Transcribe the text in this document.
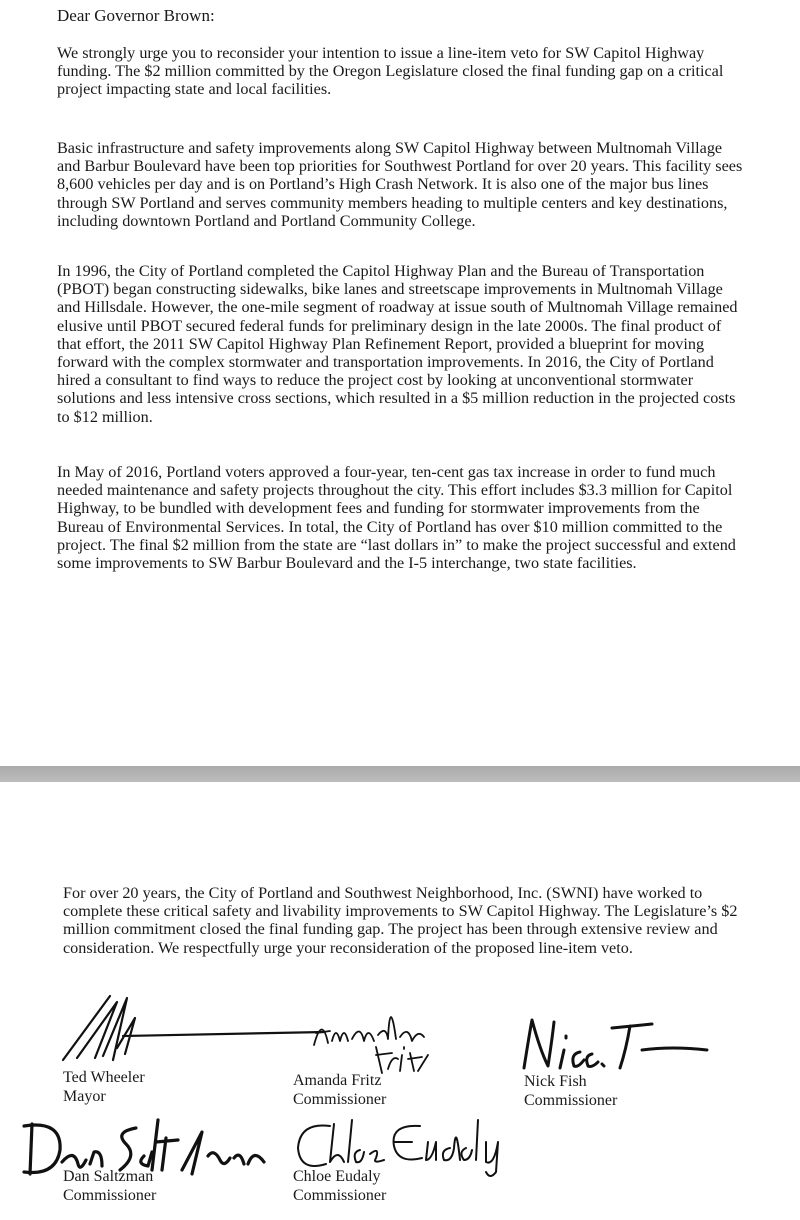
Dear Governor Brown:

We strongly urge you to reconsider your intention to issue a line-item veto for SW Capitol Highway funding. The $2 million committed by the Oregon Legislature closed the final funding gap on a critical project impacting state and local facilities.

Basic infrastructure and safety improvements along SW Capitol Highway between Multnomah Village and Barbur Boulevard have been top priorities for Southwest Portland for over 20 years. This facility sees 8,600 vehicles per day and is on Portland’s High Crash Network. It is also one of the major bus lines through SW Portland and serves community members heading to multiple centers and key destinations, including downtown Portland and Portland Community College.

In 1996, the City of Portland completed the Capitol Highway Plan and the Bureau of Transportation (PBOT) began constructing sidewalks, bike lanes and streetscape improvements in Multnomah Village and Hillsdale. However, the one-mile segment of roadway at issue south of Multnomah Village remained elusive until PBOT secured federal funds for preliminary design in the late 2000s. The final product of that effort, the 2011 SW Capitol Highway Plan Refinement Report, provided a blueprint for moving forward with the complex stormwater and transportation improvements. In 2016, the City of Portland hired a consultant to find ways to reduce the project cost by looking at unconventional stormwater solutions and less intensive cross sections, which resulted in a $5 million reduction in the projected costs to $12 million.

In May of 2016, Portland voters approved a four-year, ten-cent gas tax increase in order to fund much needed maintenance and safety projects throughout the city. This effort includes $3.3 million for Capitol Highway, to be bundled with development fees and funding for stormwater improvements from the Bureau of Environmental Services. In total, the City of Portland has over $10 million committed to the project. The final $2 million from the state are “last dollars in” to make the project successful and extend some improvements to SW Barbur Boulevard and the I-5 interchange, two state facilities.

For over 20 years, the City of Portland and Southwest Neighborhood, Inc. (SWNI) have worked to complete these critical safety and livability improvements to SW Capitol Highway. The Legislature’s $2 million commitment closed the final funding gap. The project has been through extensive review and consideration. We respectfully urge your reconsideration of the proposed line-item veto.

Ted Wheeler
Mayor
Amanda Fritz
Commissioner
Nick Fish
Commissioner
Dan Saltzman
Commissioner
Chloe Eudaly
Commissioner
